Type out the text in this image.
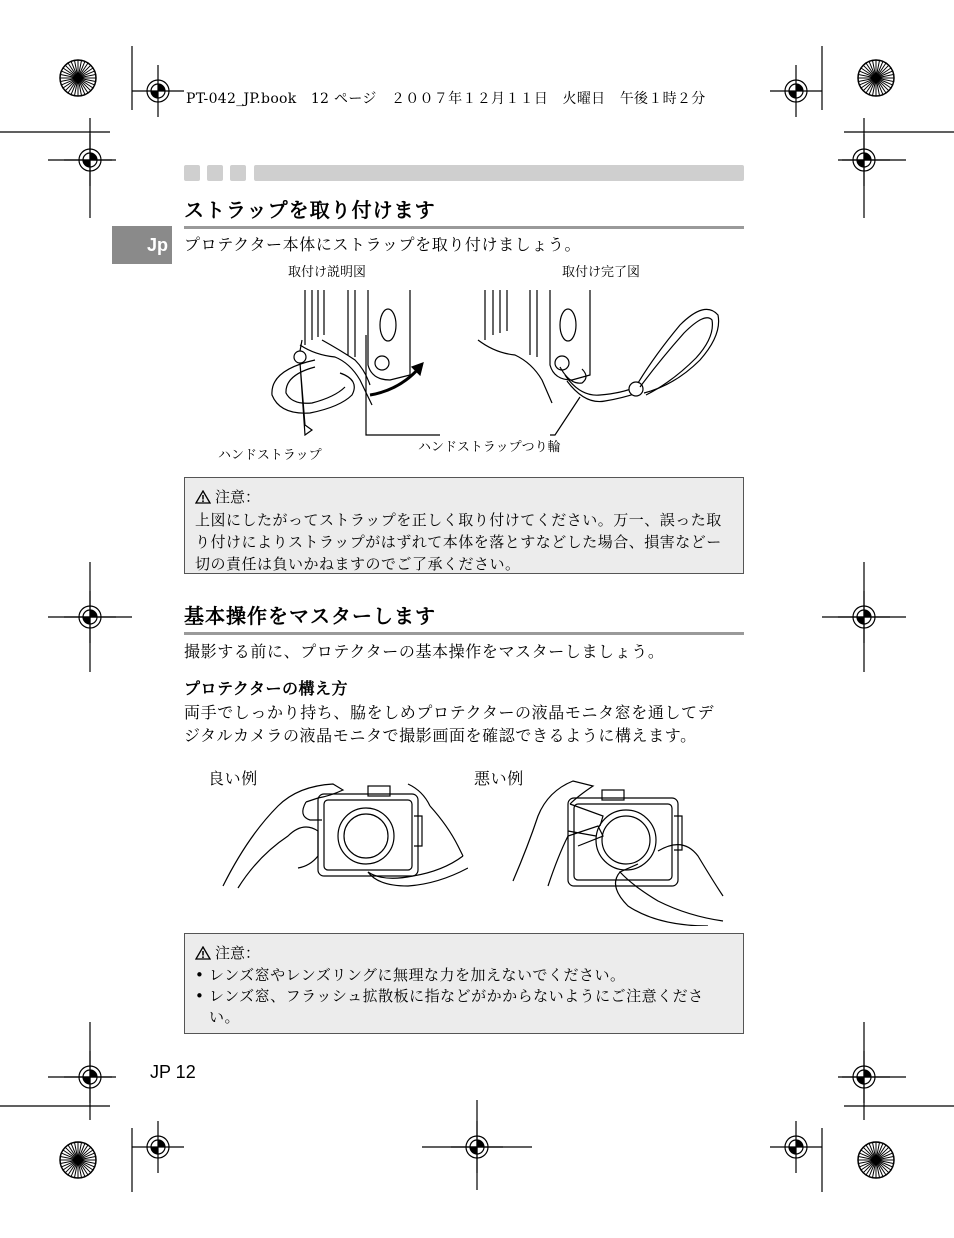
PT-042_JP.book　12 ページ　２００７年１２月１１日　火曜日　午後１時２分
Jp
ストラップを取り付けます
プロテクター本体にストラップを取り付けましょう。
取付け説明図	取付け完了図
ハンドストラップ
ハンドストラップつり輪
注意：
上図にしたがってストラップを正しく取り付けてください。万一、誤った取
り付けによりストラップがはずれて本体を落とすなどした場合、損害などー
切の責任は負いかねますのでご了承ください。
基本操作をマスターします
撮影する前に、プロテクターの基本操作をマスターしましょう。
プロテクターの構え方
両手でしっかり持ち、脇をしめプロテクターの液晶モニタ窓を通してデ
ジタルカメラの液晶モニタで撮影画面を確認できるように構えます。
良い例	悪い例
注意：
• レンズ窓やレンズリングに無理な力を加えないでください。
• レンズ窓、フラッシュ拡散板に指などがかからないようにご注意ください。
JP 12
